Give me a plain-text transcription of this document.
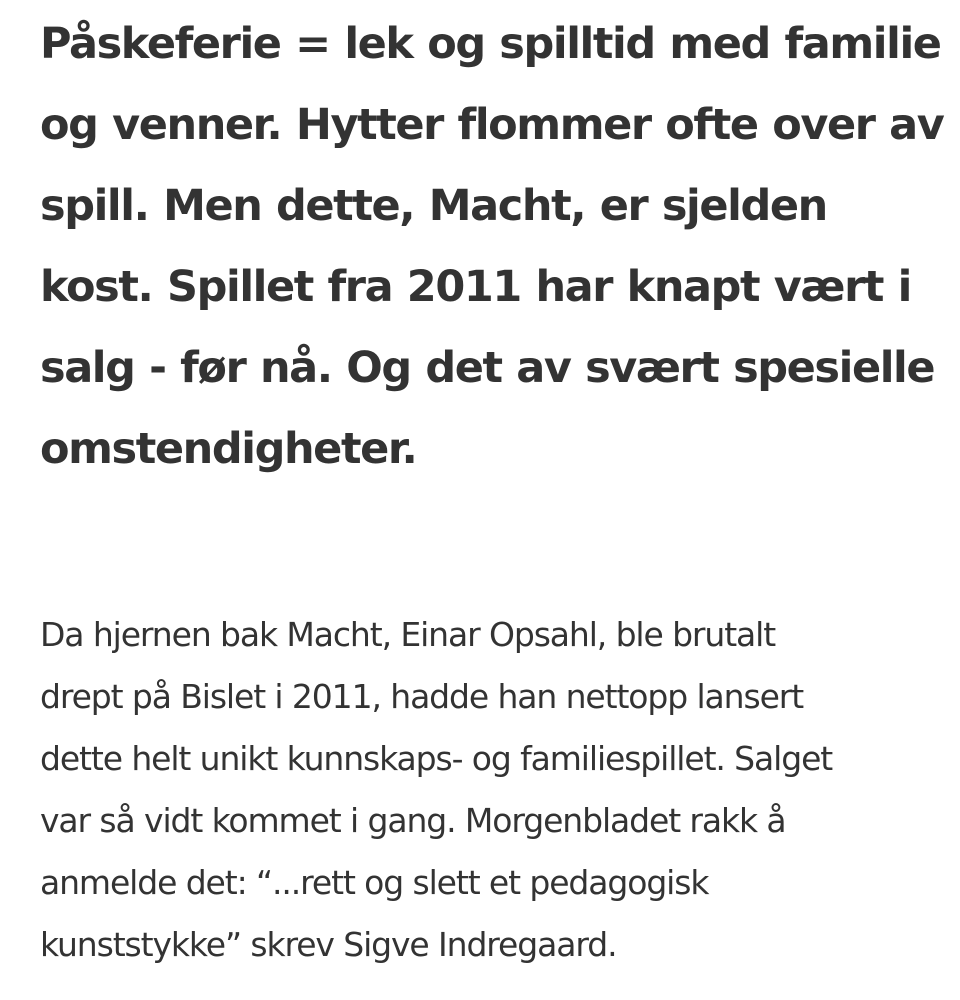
Påskeferie = lek og spilltid med familie
og venner. Hytter flommer ofte over av
spill. Men dette, Macht, er sjelden
kost. Spillet fra 2011 har knapt vært i
salg - før nå. Og det av svært spesielle
omstendigheter.

Da hjernen bak Macht, Einar Opsahl, ble brutalt
drept på Bislet i 2011, hadde han nettopp lansert
dette helt unikt kunnskaps- og familiespillet. Salget
var så vidt kommet i gang. Morgenbladet rakk å
anmelde det: “...rett og slett et pedagogisk
kunststykke” skrev Sigve Indregaard.
